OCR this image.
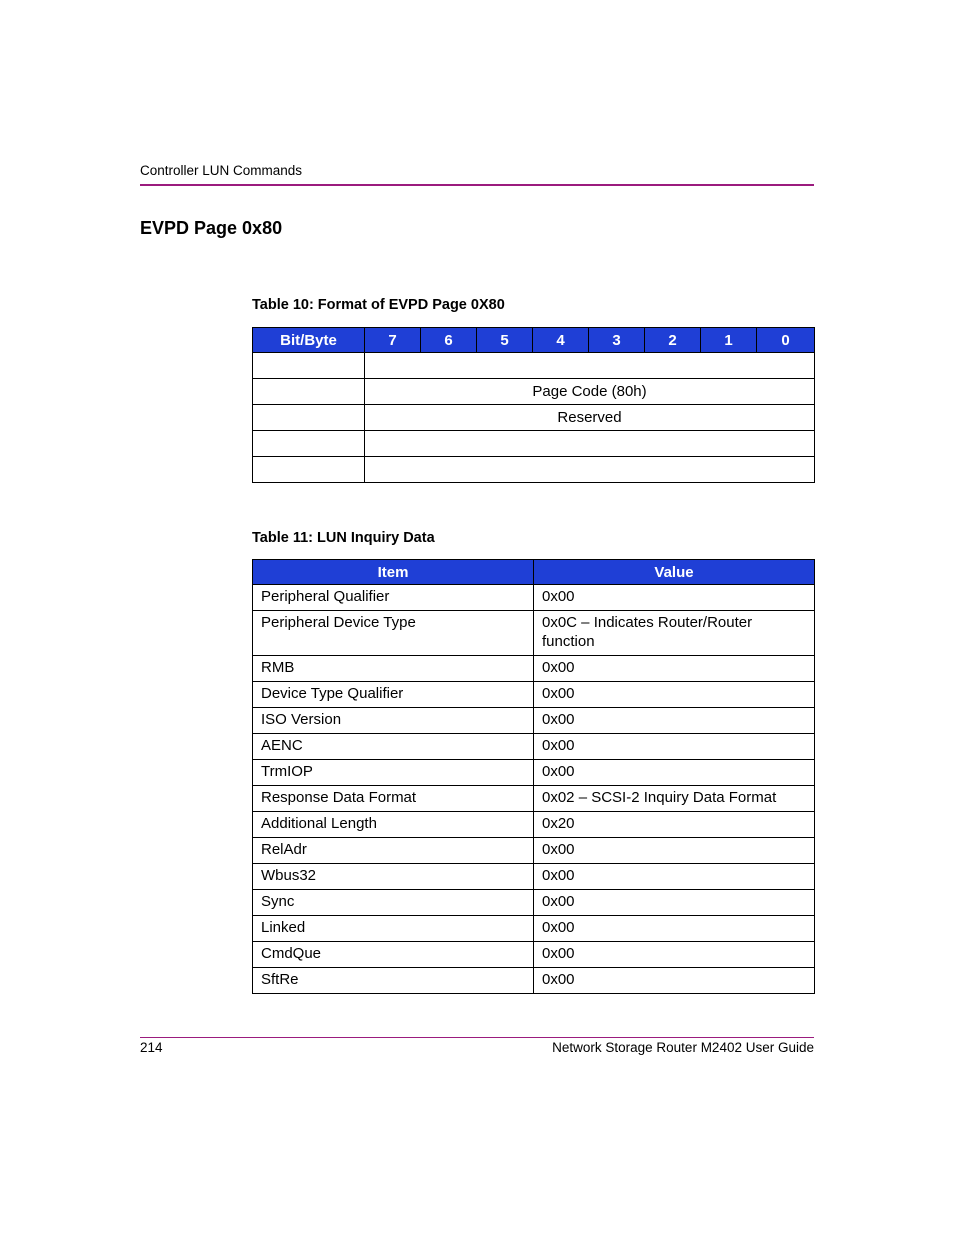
Controller LUN Commands
EVPD Page 0x80
Table 10: Format of EVPD Page 0X80
Bit/Byte	7	6	5	4	3	2	1	0

	Page Code (80h)							
	Reserved							

Table 11: LUN Inquiry Data
Item	Value
Peripheral Qualifier	0x00
Peripheral Device Type	0x0C – Indicates Router/Router function
RMB	0x00
Device Type Qualifier	0x00
ISO Version	0x00
AENC	0x00
TrmIOP	0x00
Response Data Format	0x02 – SCSI-2 Inquiry Data Format
Additional Length	0x20
RelAdr	0x00
Wbus32	0x00
Sync	0x00
Linked	0x00
CmdQue	0x00
SftRe	0x00
214	Network Storage Router M2402 User Guide
